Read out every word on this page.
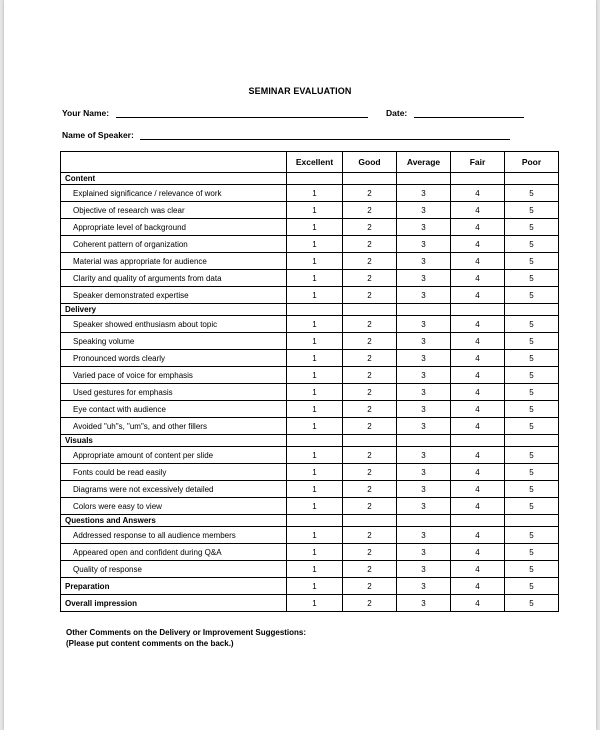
SEMINAR EVALUATION
Your Name:	Date:
Name of Speaker:
	Excellent	Good	Average	Fair	Poor
Content					
Explained significance / relevance of work	1	2	3	4	5
Objective of research was clear	1	2	3	4	5
Appropriate level of background	1	2	3	4	5
Coherent pattern of organization	1	2	3	4	5
Material was appropriate for audience	1	2	3	4	5
Clarity and quality of arguments from data	1	2	3	4	5
Speaker demonstrated expertise	1	2	3	4	5
Delivery					
Speaker showed enthusiasm about topic	1	2	3	4	5
Speaking volume	1	2	3	4	5
Pronounced words clearly	1	2	3	4	5
Varied pace of voice for emphasis	1	2	3	4	5
Used gestures for emphasis	1	2	3	4	5
Eye contact with audience	1	2	3	4	5
Avoided "uh"s, "um"s, and other fillers	1	2	3	4	5
Visuals					
Appropriate amount of content per slide	1	2	3	4	5
Fonts could be read easily	1	2	3	4	5
Diagrams were not excessively detailed	1	2	3	4	5
Colors were easy to view	1	2	3	4	5
Questions and Answers					
Addressed response to all audience members	1	2	3	4	5
Appeared open and confident during Q&A	1	2	3	4	5
Quality of response	1	2	3	4	5
Preparation	1	2	3	4	5
Overall impression	1	2	3	4	5
Other Comments on the Delivery or Improvement Suggestions:
(Please put content comments on the back.)
